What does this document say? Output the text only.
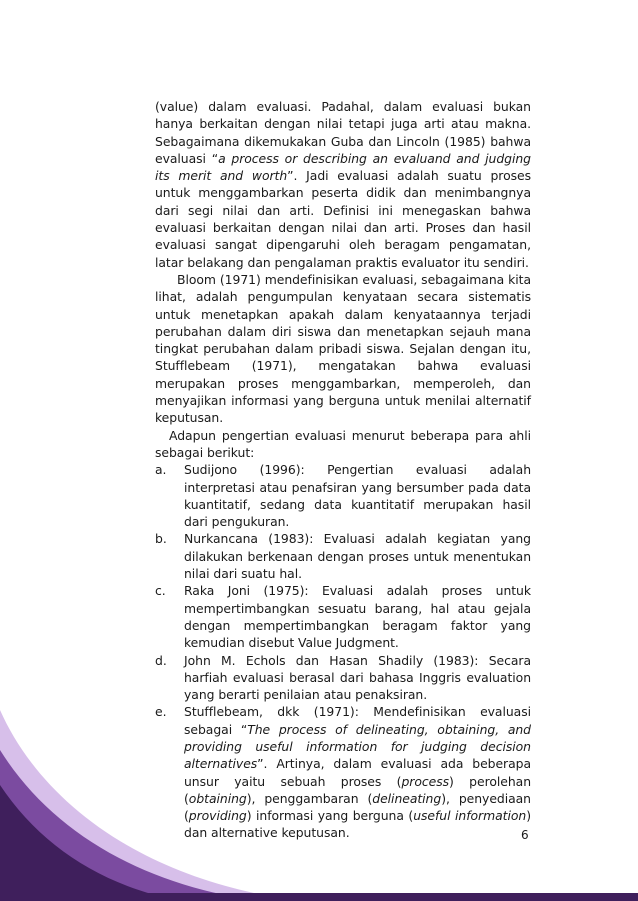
(value) dalam evaluasi. Padahal, dalam evaluasi bukan hanya berkaitan dengan nilai tetapi juga arti atau makna. Sebagaimana dikemukakan Guba dan Lincoln (1985) bahwa evaluasi “a process or describing an evaluand and judging its merit and worth”. Jadi evaluasi adalah suatu proses untuk menggambarkan peserta didik dan menimbangnya dari segi nilai dan arti. Definisi ini menegaskan bahwa evaluasi berkaitan dengan nilai dan arti. Proses dan hasil evaluasi sangat dipengaruhi oleh beragam pengamatan, latar belakang dan pengalaman praktis evaluator itu sendiri.

Bloom (1971) mendefinisikan evaluasi, sebagaimana kita lihat, adalah pengumpulan kenyataan secara sistematis untuk menetapkan apakah dalam kenyataannya terjadi perubahan dalam diri siswa dan menetapkan sejauh mana tingkat perubahan dalam pribadi siswa. Sejalan dengan itu, Stufflebeam (1971), mengatakan bahwa evaluasi merupakan proses menggambarkan, memperoleh, dan menyajikan informasi yang berguna untuk menilai alternatif keputusan.

Adapun pengertian evaluasi menurut beberapa para ahli sebagai berikut:

a. Sudijono (1996): Pengertian evaluasi adalah interpretasi atau penafsiran yang bersumber pada data kuantitatif, sedang data kuantitatif merupakan hasil dari pengukuran.
b. Nurkancana (1983): Evaluasi adalah kegiatan yang dilakukan berkenaan dengan proses untuk menentukan nilai dari suatu hal.
c. Raka Joni (1975): Evaluasi adalah proses untuk mempertimbangkan sesuatu barang, hal atau gejala dengan mempertimbangkan beragam faktor yang kemudian disebut Value Judgment.
d. John M. Echols dan Hasan Shadily (1983): Secara harfiah evaluasi berasal dari bahasa Inggris evaluation yang berarti penilaian atau penaksiran.
e. Stufflebeam, dkk (1971): Mendefinisikan evaluasi sebagai “The process of delineating, obtaining, and providing useful information for judging decision alternatives”. Artinya, dalam evaluasi ada beberapa unsur yaitu sebuah proses (process) perolehan (obtaining), penggambaran (delineating), penyediaan (providing) informasi yang berguna (useful information) dan alternative keputusan.	6
